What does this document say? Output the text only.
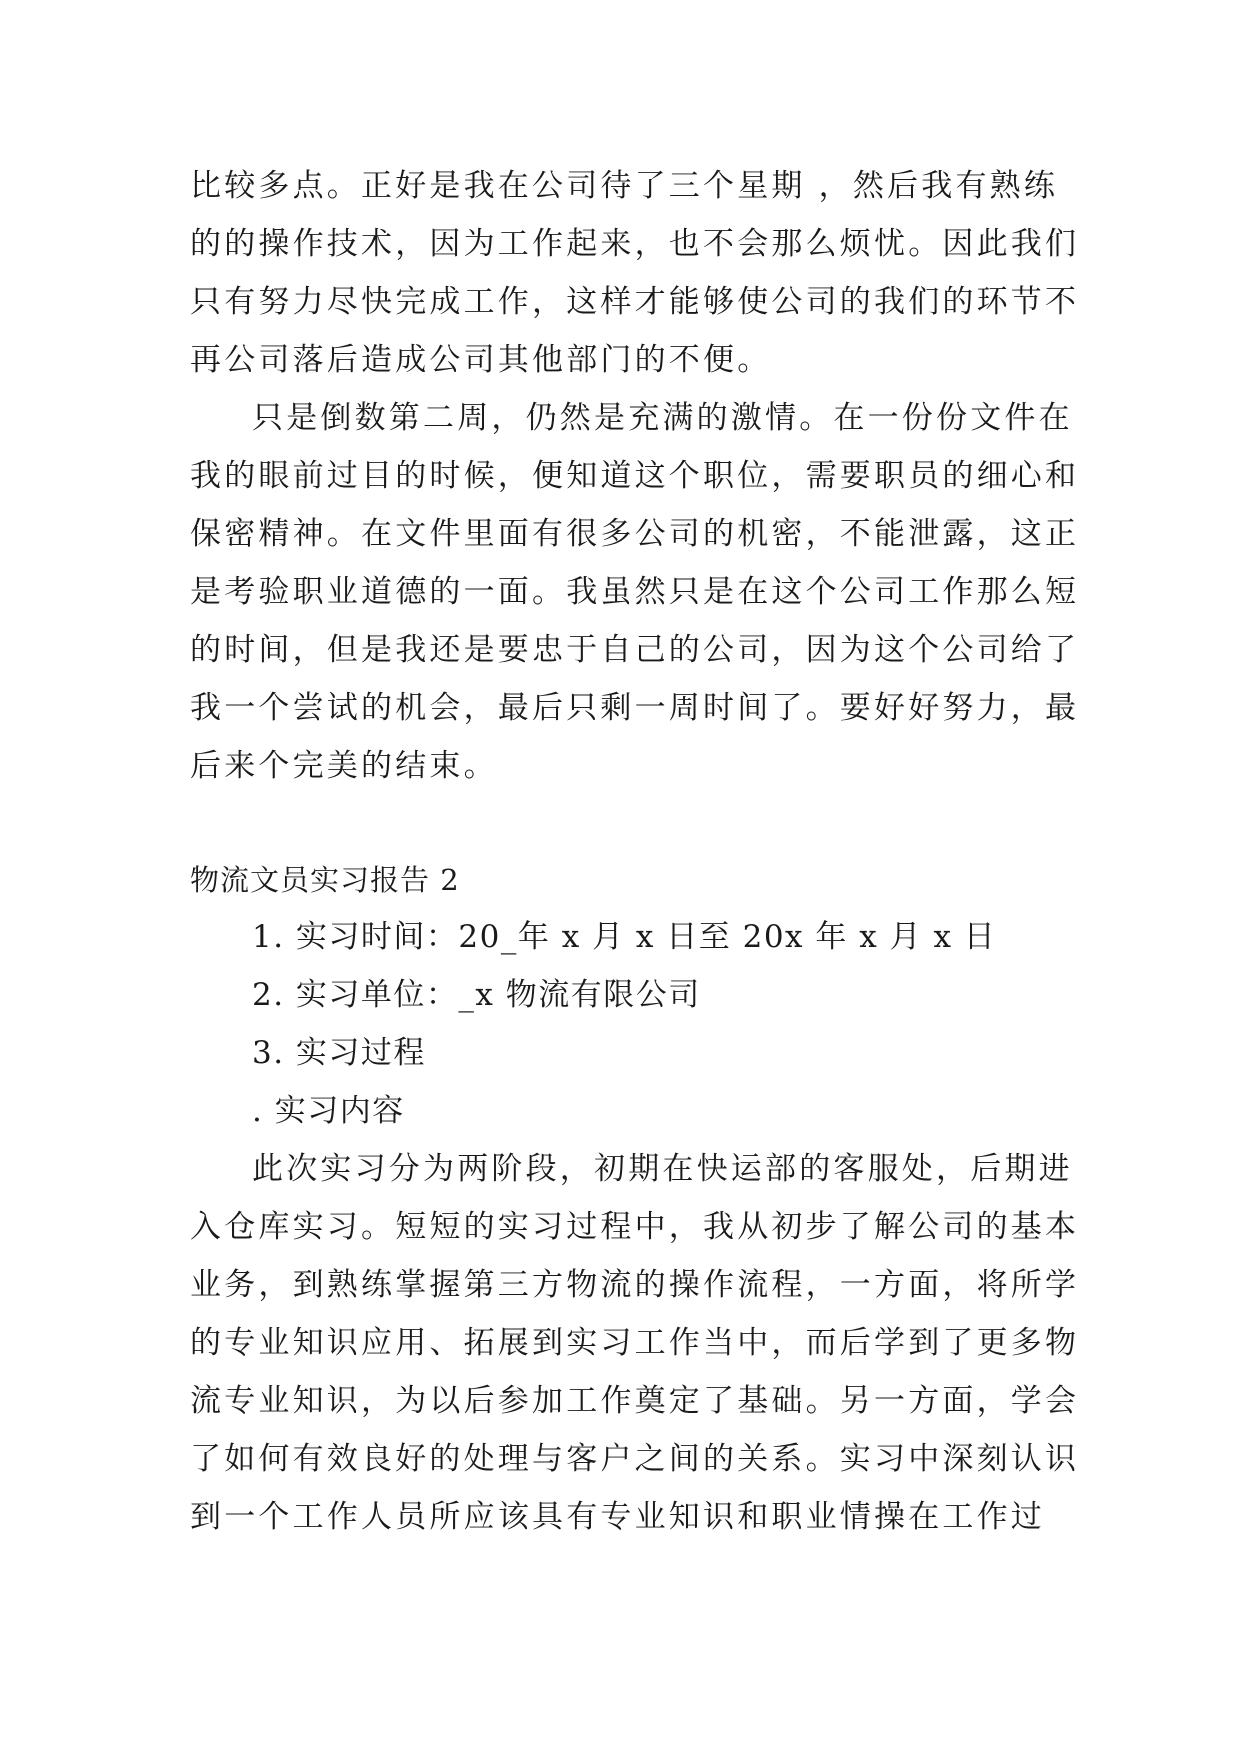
比较多点。正好是我在公司待了三个星期 ，然后我有熟练
的的操作技术，因为工作起来，也不会那么烦忧。因此我们
只有努力尽快完成工作，这样才能够使公司的我们的环节不
再公司落后造成公司其他部门的不便。
只是倒数第二周，仍然是充满的激情。在一份份文件在
我的眼前过目的时候，便知道这个职位，需要职员的细心和
保密精神。在文件里面有很多公司的机密，不能泄露，这正
是考验职业道德的一面。我虽然只是在这个公司工作那么短
的时间，但是我还是要忠于自己的公司，因为这个公司给了
我一个尝试的机会，最后只剩一周时间了。要好好努力，最
后来个完美的结束。
物流文员实习报告 2
1. 实习时间：20_年 x 月 x 日至 20x 年 x 月 x 日
2. 实习单位：_x 物流有限公司
3. 实习过程
. 实习内容
此次实习分为两阶段，初期在快运部的客服处，后期进
入仓库实习。短短的实习过程中，我从初步了解公司的基本
业务，到熟练掌握第三方物流的操作流程，一方面，将所学
的专业知识应用、拓展到实习工作当中，而后学到了更多物
流专业知识，为以后参加工作奠定了基础。另一方面，学会
了如何有效良好的处理与客户之间的关系。实习中深刻认识
到一个工作人员所应该具有专业知识和职业情操在工作过
